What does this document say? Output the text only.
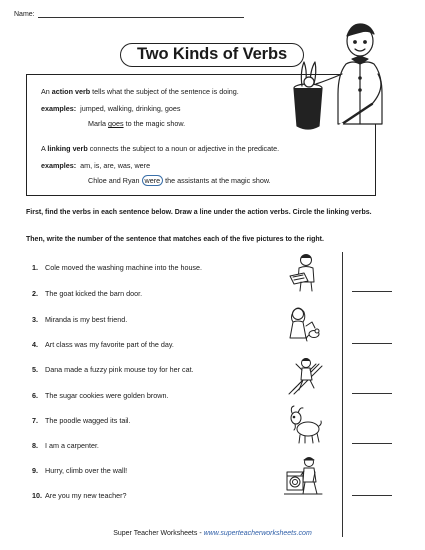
Name:
Two Kinds of Verbs
An action verb tells what the subject of the sentence is doing.
examples: jumped, walking, drinking, goes
Marla goes to the magic show.
A linking verb connects the subject to a noun or adjective in the predicate.
examples: am, is, are, was, were
Chloe and Ryan were the assistants at the magic show.
First, find the verbs in each sentence below. Draw a line under the action verbs. Circle the linking verbs.
Then, write the number of the sentence that matches each of the five pictures to the right.
1. Cole moved the washing machine into the house.
2. The goat kicked the barn door.
3. Miranda is my best friend.
4. Art class was my favorite part of the day.
5. Dana made a fuzzy pink mouse toy for her cat.
6. The sugar cookies were golden brown.
7. The poodle wagged its tail.
8. I am a carpenter.
9. Hurry, climb over the wall!
10. Are you my new teacher?
Super Teacher Worksheets - www.superteacherworksheets.com
